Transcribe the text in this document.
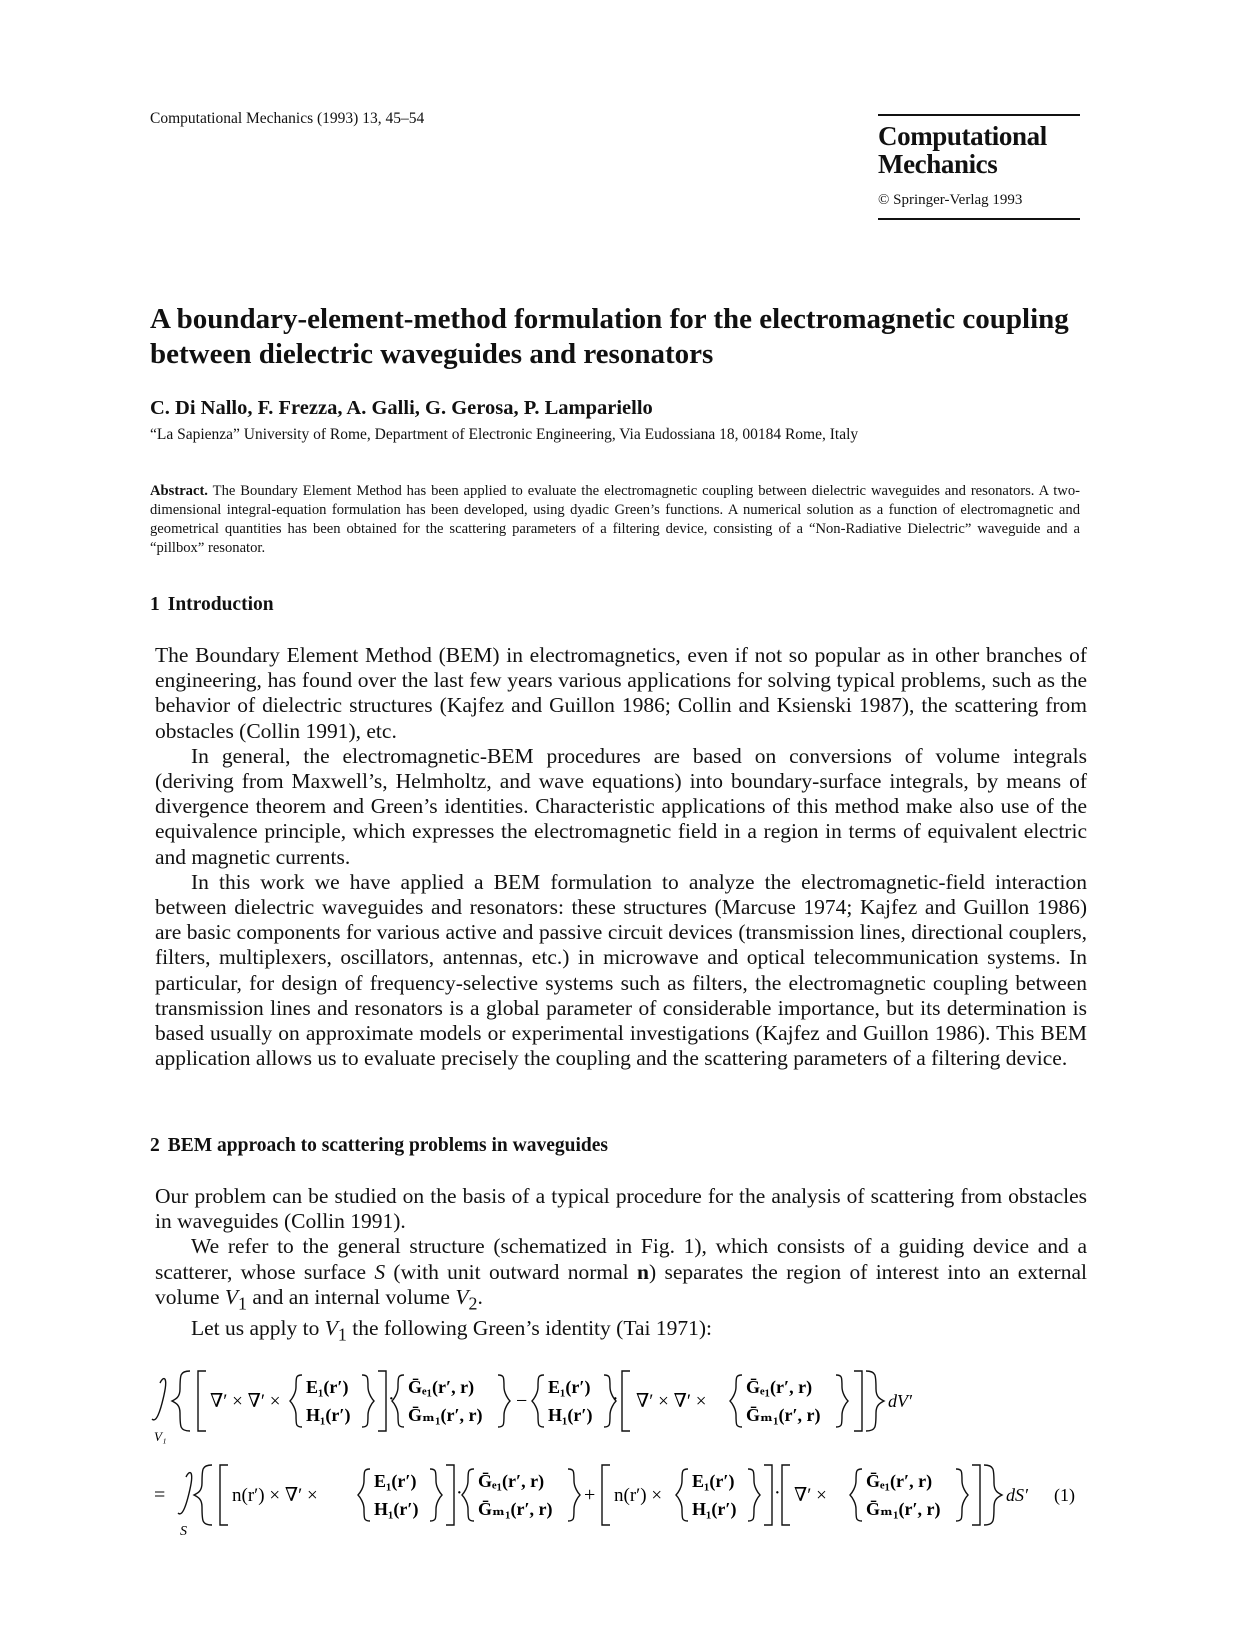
Computational Mechanics (1993) 13, 45–54
Computational
Mechanics
© Springer-Verlag 1993
A boundary-element-method formulation for the electromagnetic coupling between dielectric waveguides and resonators
C. Di Nallo, F. Frezza, A. Galli, G. Gerosa, P. Lampariello
“La Sapienza” University of Rome, Department of Electronic Engineering, Via Eudossiana 18, 00184 Rome, Italy
Abstract. The Boundary Element Method has been applied to evaluate the electromagnetic coupling between dielectric waveguides and resonators. A two-dimensional integral-equation formulation has been developed, using dyadic Green’s functions. A numerical solution as a function of electromagnetic and geometrical quantities has been obtained for the scattering parameters of a filtering device, consisting of a “Non-Radiative Dielectric” waveguide and a “pillbox” resonator.
1 Introduction

The Boundary Element Method (BEM) in electromagnetics, even if not so popular as in other branches of engineering, has found over the last few years various applications for solving typical problems, such as the behavior of dielectric structures (Kajfez and Guillon 1986; Collin and Ksienski 1987), the scattering from obstacles (Collin 1991), etc.

In general, the electromagnetic-BEM procedures are based on conversions of volume integrals (deriving from Maxwell’s, Helmholtz, and wave equations) into boundary-surface integrals, by means of divergence theorem and Green’s identities. Characteristic applications of this method make also use of the equivalence principle, which expresses the electromagnetic field in a region in terms of equivalent electric and magnetic currents.

In this work we have applied a BEM formulation to analyze the electromagnetic-field interaction between dielectric waveguides and resonators: these structures (Marcuse 1974; Kajfez and Guillon 1986) are basic components for various active and passive circuit devices (transmission lines, directional couplers, filters, multiplexers, oscillators, antennas, etc.) in microwave and optical telecommunication systems. In particular, for design of frequency-selective systems such as filters, the electromagnetic coupling between transmission lines and resonators is a global parameter of considerable importance, but its determination is based usually on approximate models or experimental investigations (Kajfez and Guillon 1986). This BEM application allows us to evaluate precisely the coupling and the scattering parameters of a filtering device.

2 BEM approach to scattering problems in waveguides

Our problem can be studied on the basis of a typical procedure for the analysis of scattering from obstacles in waveguides (Collin 1991).

We refer to the general structure (schematized in Fig. 1), which consists of a guiding device and a scatterer, whose surface S (with unit outward normal n) separates the region of interest into an external volume $V_1$ and an internal volume $V_2$.

Let us apply to $V_1$ the following Green’s identity (Tai 1971):

V₁
∇′ × ∇′ ×
E₁(r′)
H₁(r′)
·
Ḡₑ₁(r′, r)
Ḡₘ₁(r′, r)
−
E₁(r′)
H₁(r′)
· ∇′ × ∇′ ×
Ḡₑ₁(r′, r)
Ḡₘ₁(r′, r)
dV′
=
S
n(r′) × ∇′ ×
E₁(r′)
H₁(r′)
·
Ḡₑ₁(r′, r)
Ḡₘ₁(r′, r)
+ n(r′) ×
E₁(r′)
H₁(r′)
· ∇′ ×
Ḡₑ₁(r′, r)
Ḡₘ₁(r′, r)
dS′ (1)
